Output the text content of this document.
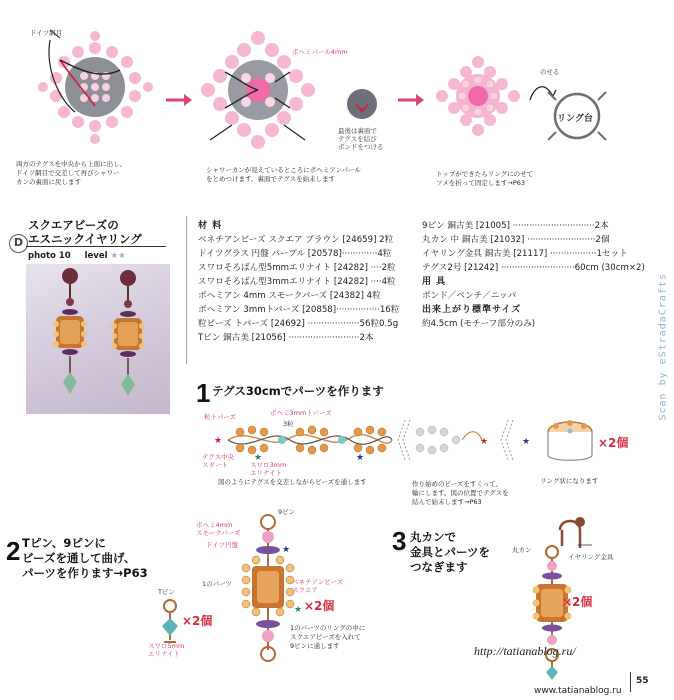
ボヘミパール4mm
ドイツ網目
最後は裏面で
テグスを結び
ボンドをつける
のせる
リング台
両方のテグスを中央から上面に出し、
ドイツ網目で交差して再びシャワー
カンの裏面に戻します
シャワーカンが見えているところにボヘミアンパール
をとめつけます。裏面でテグスを始末します
トップができたらリングにのせて
ツメを折って固定します→P63
D
スクエアビーズの
エスニックイヤリング
photo 10 level ★★
材 料
ベネチアンビーズ スクエア ブラウン [24659] 2粒
ドイツグラス 円盤 パープル [20578]·············4粒
スワロそろばん型5mmエリナイト [24282] ····2粒
スワロそろばん型3mmエリナイト [24282] ····4粒
ボヘミアン 4mm スモークパーズ [24382] 4粒
ボヘミアン 3mmトパーズ [20858]················16粒
粒ビーズ トパーズ [24692] ···················56粒0.5g
Tピン 銅古美 [21056] ··························2本
9ピン 銅古美 [21005] ······························2本
丸カン 中 銅古美 [21032] ·························2個
イヤリング金具 銅古美 [21117] ·················1セット
テグス2号 [21242] ···························60cm (30cm×2)
用 具
ボンド／ペンチ／ニッパ
出来上がり標準サイズ
約4.5cm (モチーフ部分のみ)
1 テグス30cmでパーツを作ります
★
★	★
★	★
粒トパーズ	ボヘミ3mmトパーズ
3粒
テグス中央
スタート	スワロ3mm
エリナイト
図のようにテグスを交差しながらビーズを通します	作り始めのビーズをすくって、
輪にします。図の位置でテグスを
結んで始末します→P63
リング状になります
×2個
2 Tピン、9ピンに
ビーズを通して曲げ、
パーツを作ります→P63
★
★
9ピン
ボヘミ4mm
スモークパーズ
ドイツ円盤
1のパーツ	ベネチアンビーズ
スクエア
×2個
Tピン
×2個
スワロ5mm
エリナイト
1のパーツのリングの中に
スクエアビーズを入れて
9ピンに通します
3 丸カンで
金具とパーツを
つなぎます
丸カン
イヤリング金具
×2個
http://tatianablog.ru/
55
www.tatianablog.ru
Scan by eStradaCrafts
